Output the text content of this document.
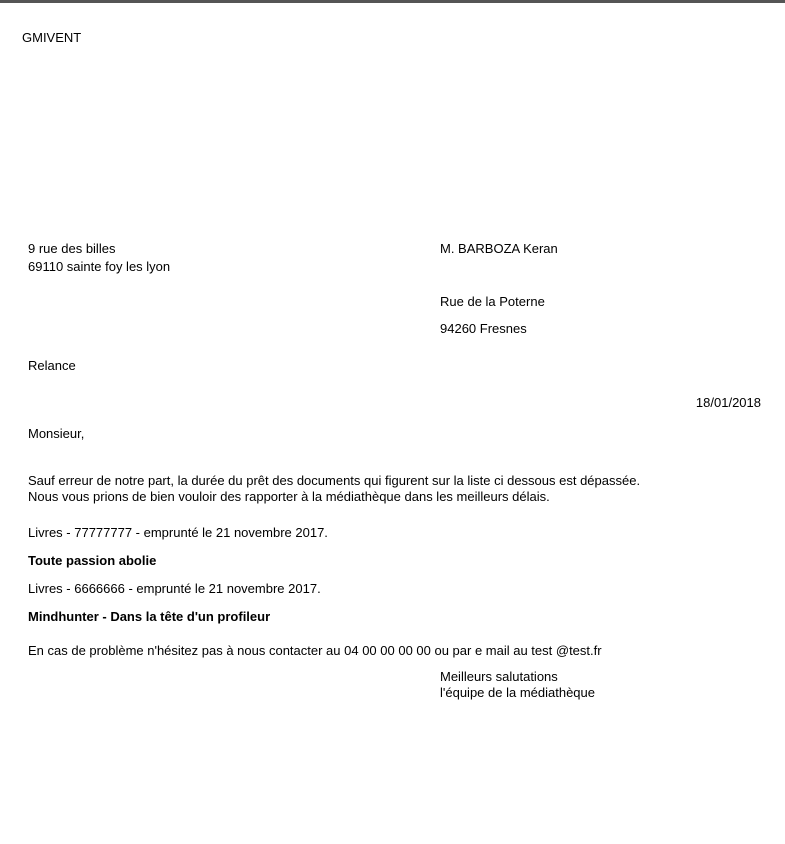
GMIVENT
9 rue des billes
69110 sainte foy les lyon
M. BARBOZA Keran
Rue de la Poterne
94260 Fresnes
Relance
18/01/2018
Monsieur,
Sauf erreur de notre part, la durée du prêt des documents qui figurent sur la liste ci dessous est dépassée.
Nous vous prions de bien vouloir des rapporter à la médiathèque dans les meilleurs délais.
Livres - 77777777 - emprunté le 21 novembre 2017.
Toute passion abolie
Livres - 6666666 - emprunté le 21 novembre 2017.
Mindhunter - Dans la tête d'un profileur
En cas de problème n'hésitez pas à nous contacter au 04 00 00 00 00 ou par e mail au test @test.fr
Meilleurs salutations
l'équipe de la médiathèque
